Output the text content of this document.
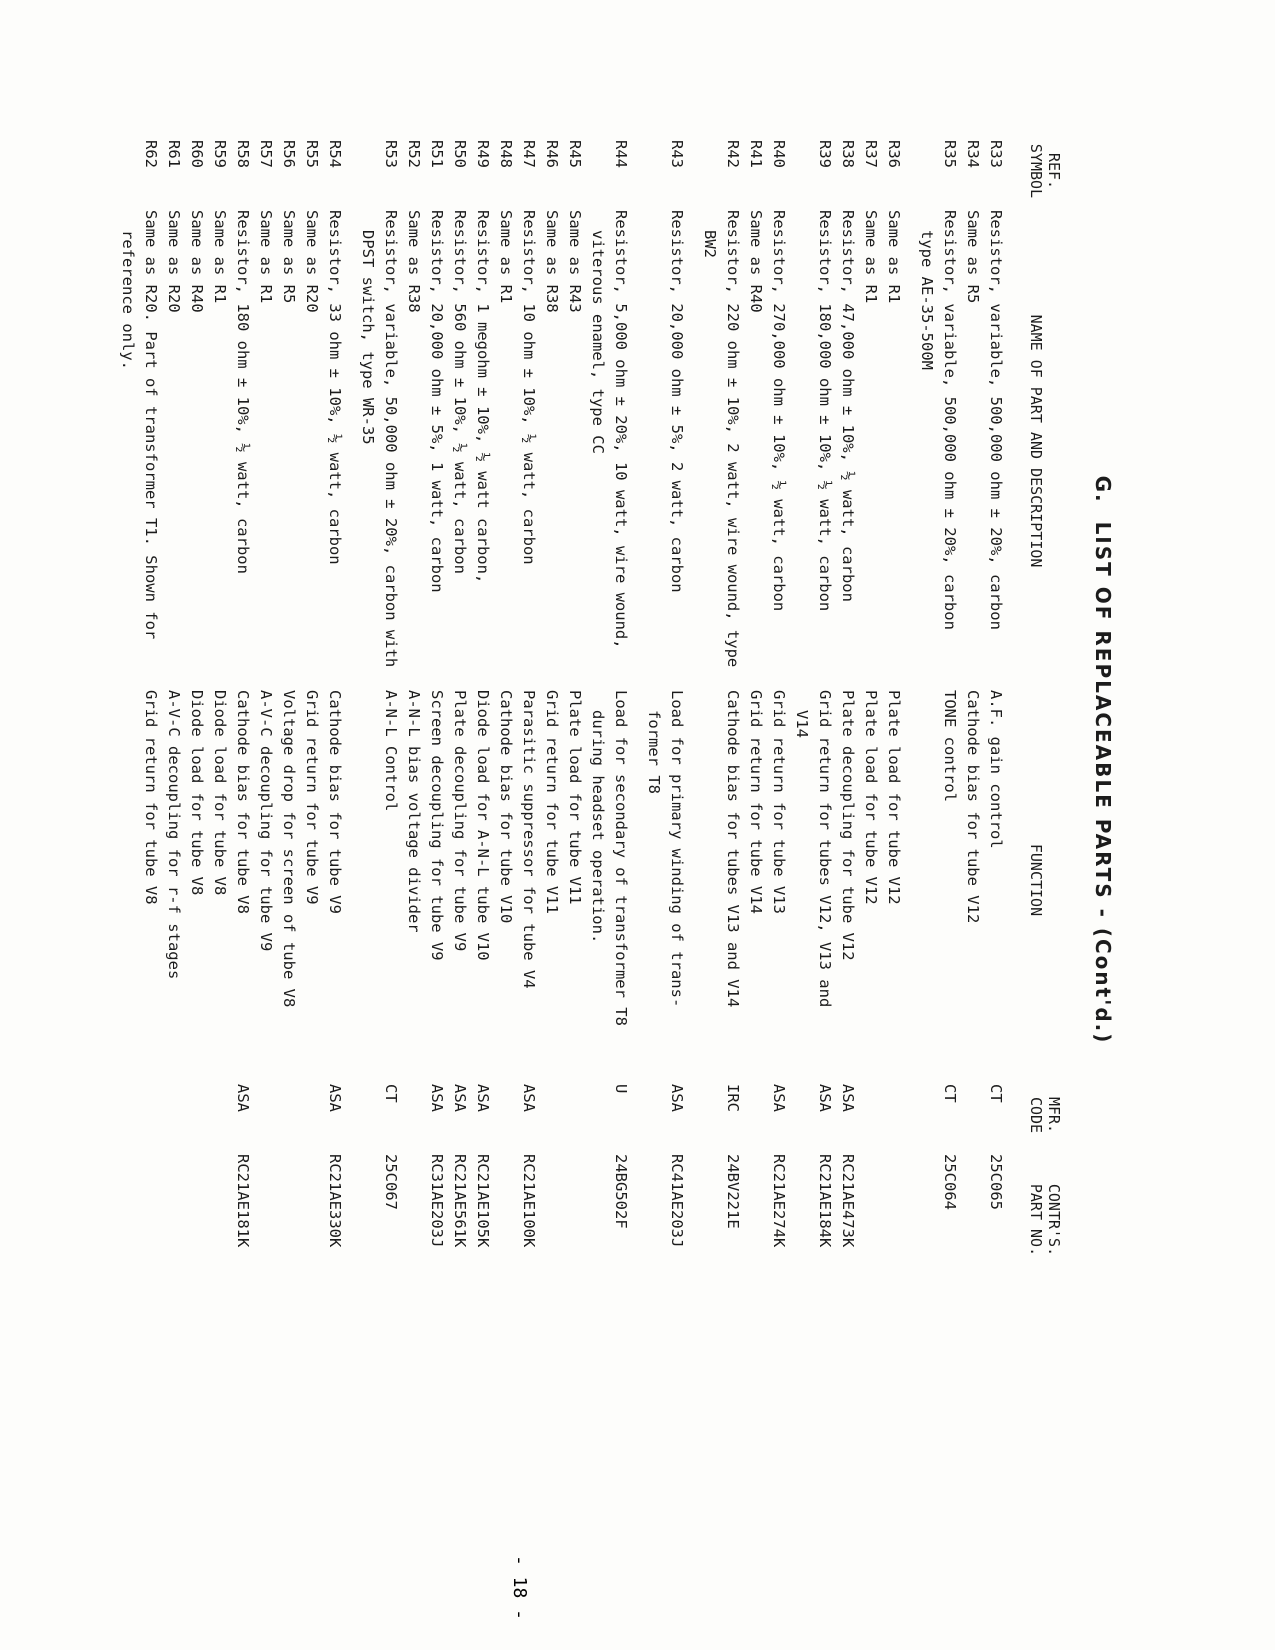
G.  LIST OF REPLACEABLE PARTS - (Cont'd.)
REF.
SYMBOL
NAME OF PART AND DESCRIPTION
FUNCTION
MFR.
CODE
CONTR'S.
PART NO.
R33
Resistor, variable, 500,000 ohm ± 20%, carbon
A.F. gain control
CT
25C065
R34
Same as R5
Cathode bias for tube V12
R35
Resistor, variable, 500,000 ohm ± 20%, carbon
type AE-35-500M
TONE control
CT
25C064
R36
Same as R1
Plate load for tube V12
R37
Same as R1
Plate load for tube V12
R38
Resistor, 47,000 ohm ± 10%, ½ watt, carbon
Plate decoupling for tube V12
ASA
RC21AE473K
R39
Resistor, 180,000 ohm ± 10%, ½ watt, carbon
Grid return for tubes V12, V13 and
V14
ASA
RC21AE184K
R40
Resistor, 270,000 ohm ± 10%, ½ watt, carbon
Grid return for tube V13
ASA
RC21AE274K
R41
Same as R40
Grid return for tube V14
R42
Resistor, 220 ohm ± 10%, 2 watt, wire wound, type
BW2
Cathode bias for tubes V13 and V14
IRC
24BV221E
R43
Resistor, 20,000 ohm ± 5%, 2 watt, carbon
Load for primary winding of trans-
former T8
ASA
RC41AE203J
R44
Resistor, 5,000 ohm ± 20%, 10 watt, wire wound,
viterous enamel, type CC
Load for secondary of transformer T8
during headset operation.
U
24BG502F
R45
Same as R43
Plate load for tube V11
R46
Same as R38
Grid return for tube V11
R47
Resistor, 10 ohm ± 10%, ½ watt, carbon
Parasitic suppressor for tube V4
ASA
RC21AE100K
R48
Same as R1
Cathode bias for tube V10
R49
Resistor, 1 megohm ± 10%, ½ watt carbon,
Diode load for A-N-L tube V10
ASA
RC21AE105K
R50
Resistor, 560 ohm ± 10%, ½ watt, carbon
Plate decoupling for tube V9
ASA
RC21AE561K
R51
Resistor, 20,000 ohm ± 5%, 1 watt, carbon
Screen decoupling for tube V9
ASA
RC31AE203J
R52
Same as R38
A-N-L bias voltage divider
R53
Resistor, variable, 50,000 ohm ± 20%, carbon with
DPST switch, type WR-35
A-N-L Control
CT
25C067
R54
Resistor, 33 ohm ± 10%, ½ watt, carbon
Cathode bias for tube V9
ASA
RC21AE330K
R55
Same as R20
Grid return for tube V9
R56
Same as R5
Voltage drop for screen of tube V8
R57
Same as R1
A-V-C decoupling for tube V9
R58
Resistor, 180 ohm ± 10%, ½ watt, carbon
Cathode bias for tube V8
ASA
RC21AE181K
R59
Same as R1
Diode load for tube V8
R60
Same as R40
Diode load for tube V8
R61
Same as R20
A-V-C decoupling for r-f stages
R62
Same as R20. Part of transformer T1. Shown for
reference only.
Grid return for tube V8
- 18 -
